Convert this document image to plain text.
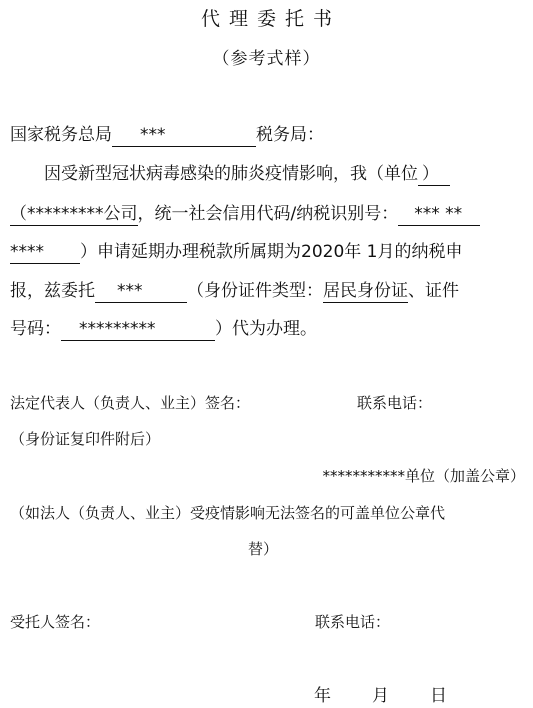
代理委托书
（参考式样）
国家税务总局 ***	税务局：
因受新型冠状病毒感染的肺炎疫情影响，我（单位 ）
（*********公司，统一社会信用代码/纳税识别号： *** **
**** ）申请延期办理税款所属期为2020年 1月的纳税申
报，兹委托 ***	（身份证件类型：居民身份证、证件
号码： *********	）代为办理。
法定代表人（负责人、业主）签名：	联系电话：
（身份证复印件附后）
***********单位（加盖公章）
（如法人（负责人、业主）受疫情影响无法签名的可盖单位公章代
替）
受托人签名：	联系电话：
年 月 日
